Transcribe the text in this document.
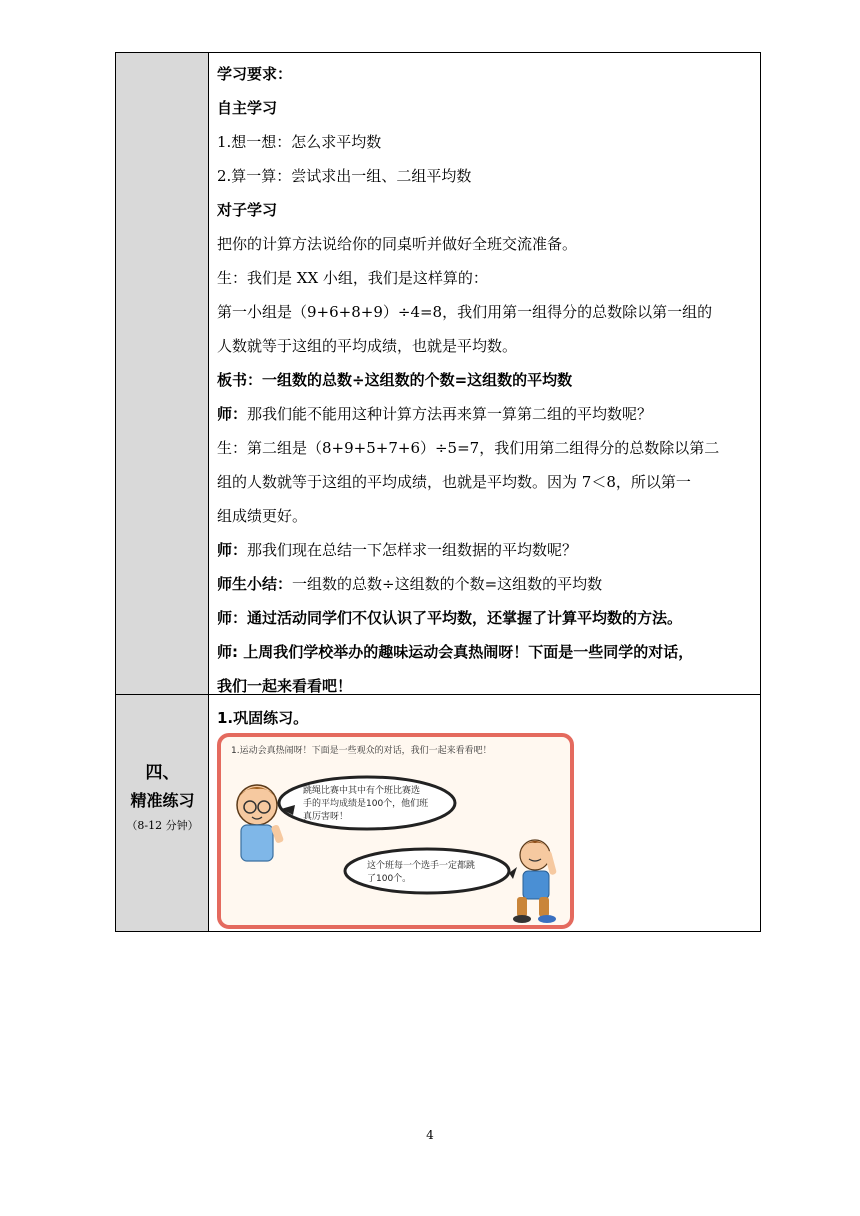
学习要求：
自主学习
1.想一想：怎么求平均数
2.算一算：尝试求出一组、二组平均数
对子学习
把你的计算方法说给你的同桌听并做好全班交流准备。
生：我们是 XX 小组，我们是这样算的：
第一小组是（9+6+8+9）÷4=8，我们用第一组得分的总数除以第一组的
人数就等于这组的平均成绩，也就是平均数。
板书：一组数的总数÷这组数的个数=这组数的平均数
师：那我们能不能用这种计算方法再来算一算第二组的平均数呢？
生：第二组是（8+9+5+7+6）÷5=7，我们用第二组得分的总数除以第二
组的人数就等于这组的平均成绩，也就是平均数。因为 7＜8，所以第一
组成绩更好。
师：那我们现在总结一下怎样求一组数据的平均数呢？
师生小结：一组数的总数÷这组数的个数=这组数的平均数
师：通过活动同学们不仅认识了平均数，还掌握了计算平均数的方法。
师: 上周我们学校举办的趣味运动会真热闹呀！下面是一些同学的对话，
我们一起来看看吧！
四、
精准练习
（8-12 分钟）
1.巩固练习。
1.运动会真热闹呀！下面是一些观众的对话，我们一起来看看吧！
跳绳比赛中其中有个班比赛选
手的平均成绩是100个，他们班
真厉害呀！
这个班每一个选手一定都跳
了100个。
4
